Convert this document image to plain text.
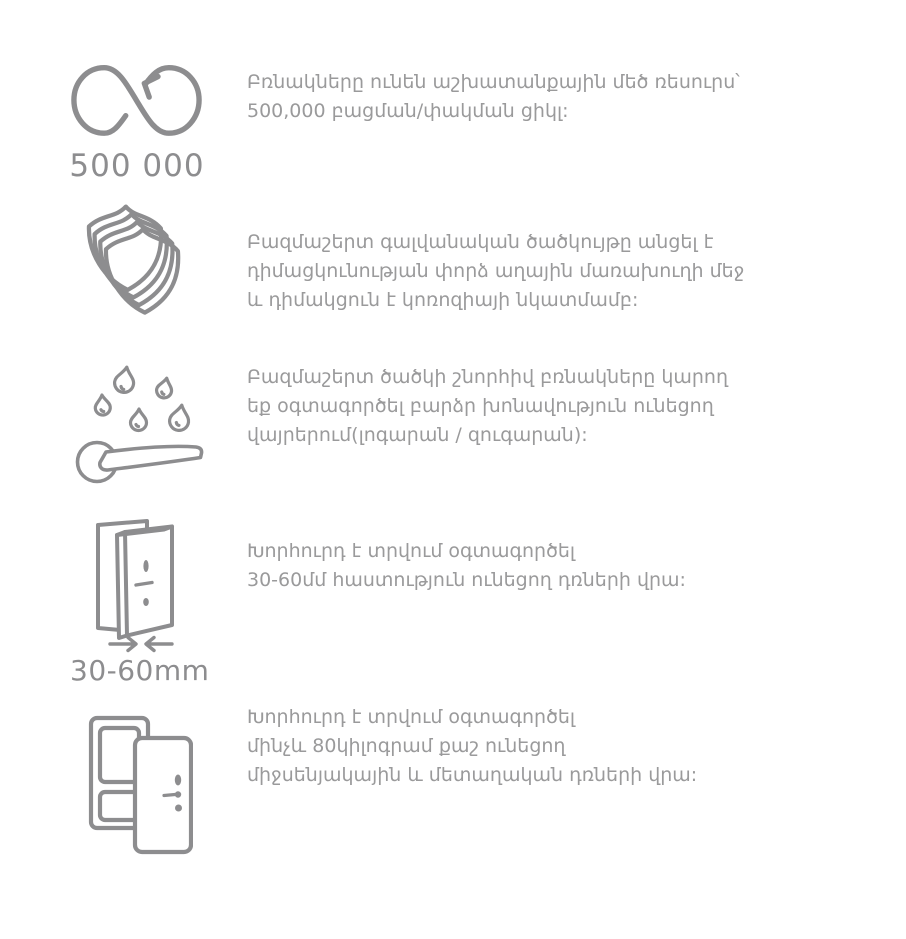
500 000
Բռնակները ունեն աշխատանքային մեծ ռեսուրս՝
500,000 բացման/փակման ցիկլ:
Բազմաշերտ գալվանական ծածկույթը անցել է
դիմացկունության փորձ աղային մառախուղի մեջ
և դիմակցուն է կոռոզիայի նկատմամբ:
Բազմաշերտ ծածկի շնորհիվ բռնակները կարող
եք օգտագործել բարձր խոնավություն ունեցող
վայրերում(լոգարան / զուգարան):
30-60mm
Խորհուրդ է տրվում օգտագործել
30-60մմ հաստություն ունեցող դռների վրա:
Խորհուրդ է տրվում օգտագործել
մինչև 80կիլոգրամ քաշ ունեցող
միջսենյակային և մետաղական դռների վրա:
